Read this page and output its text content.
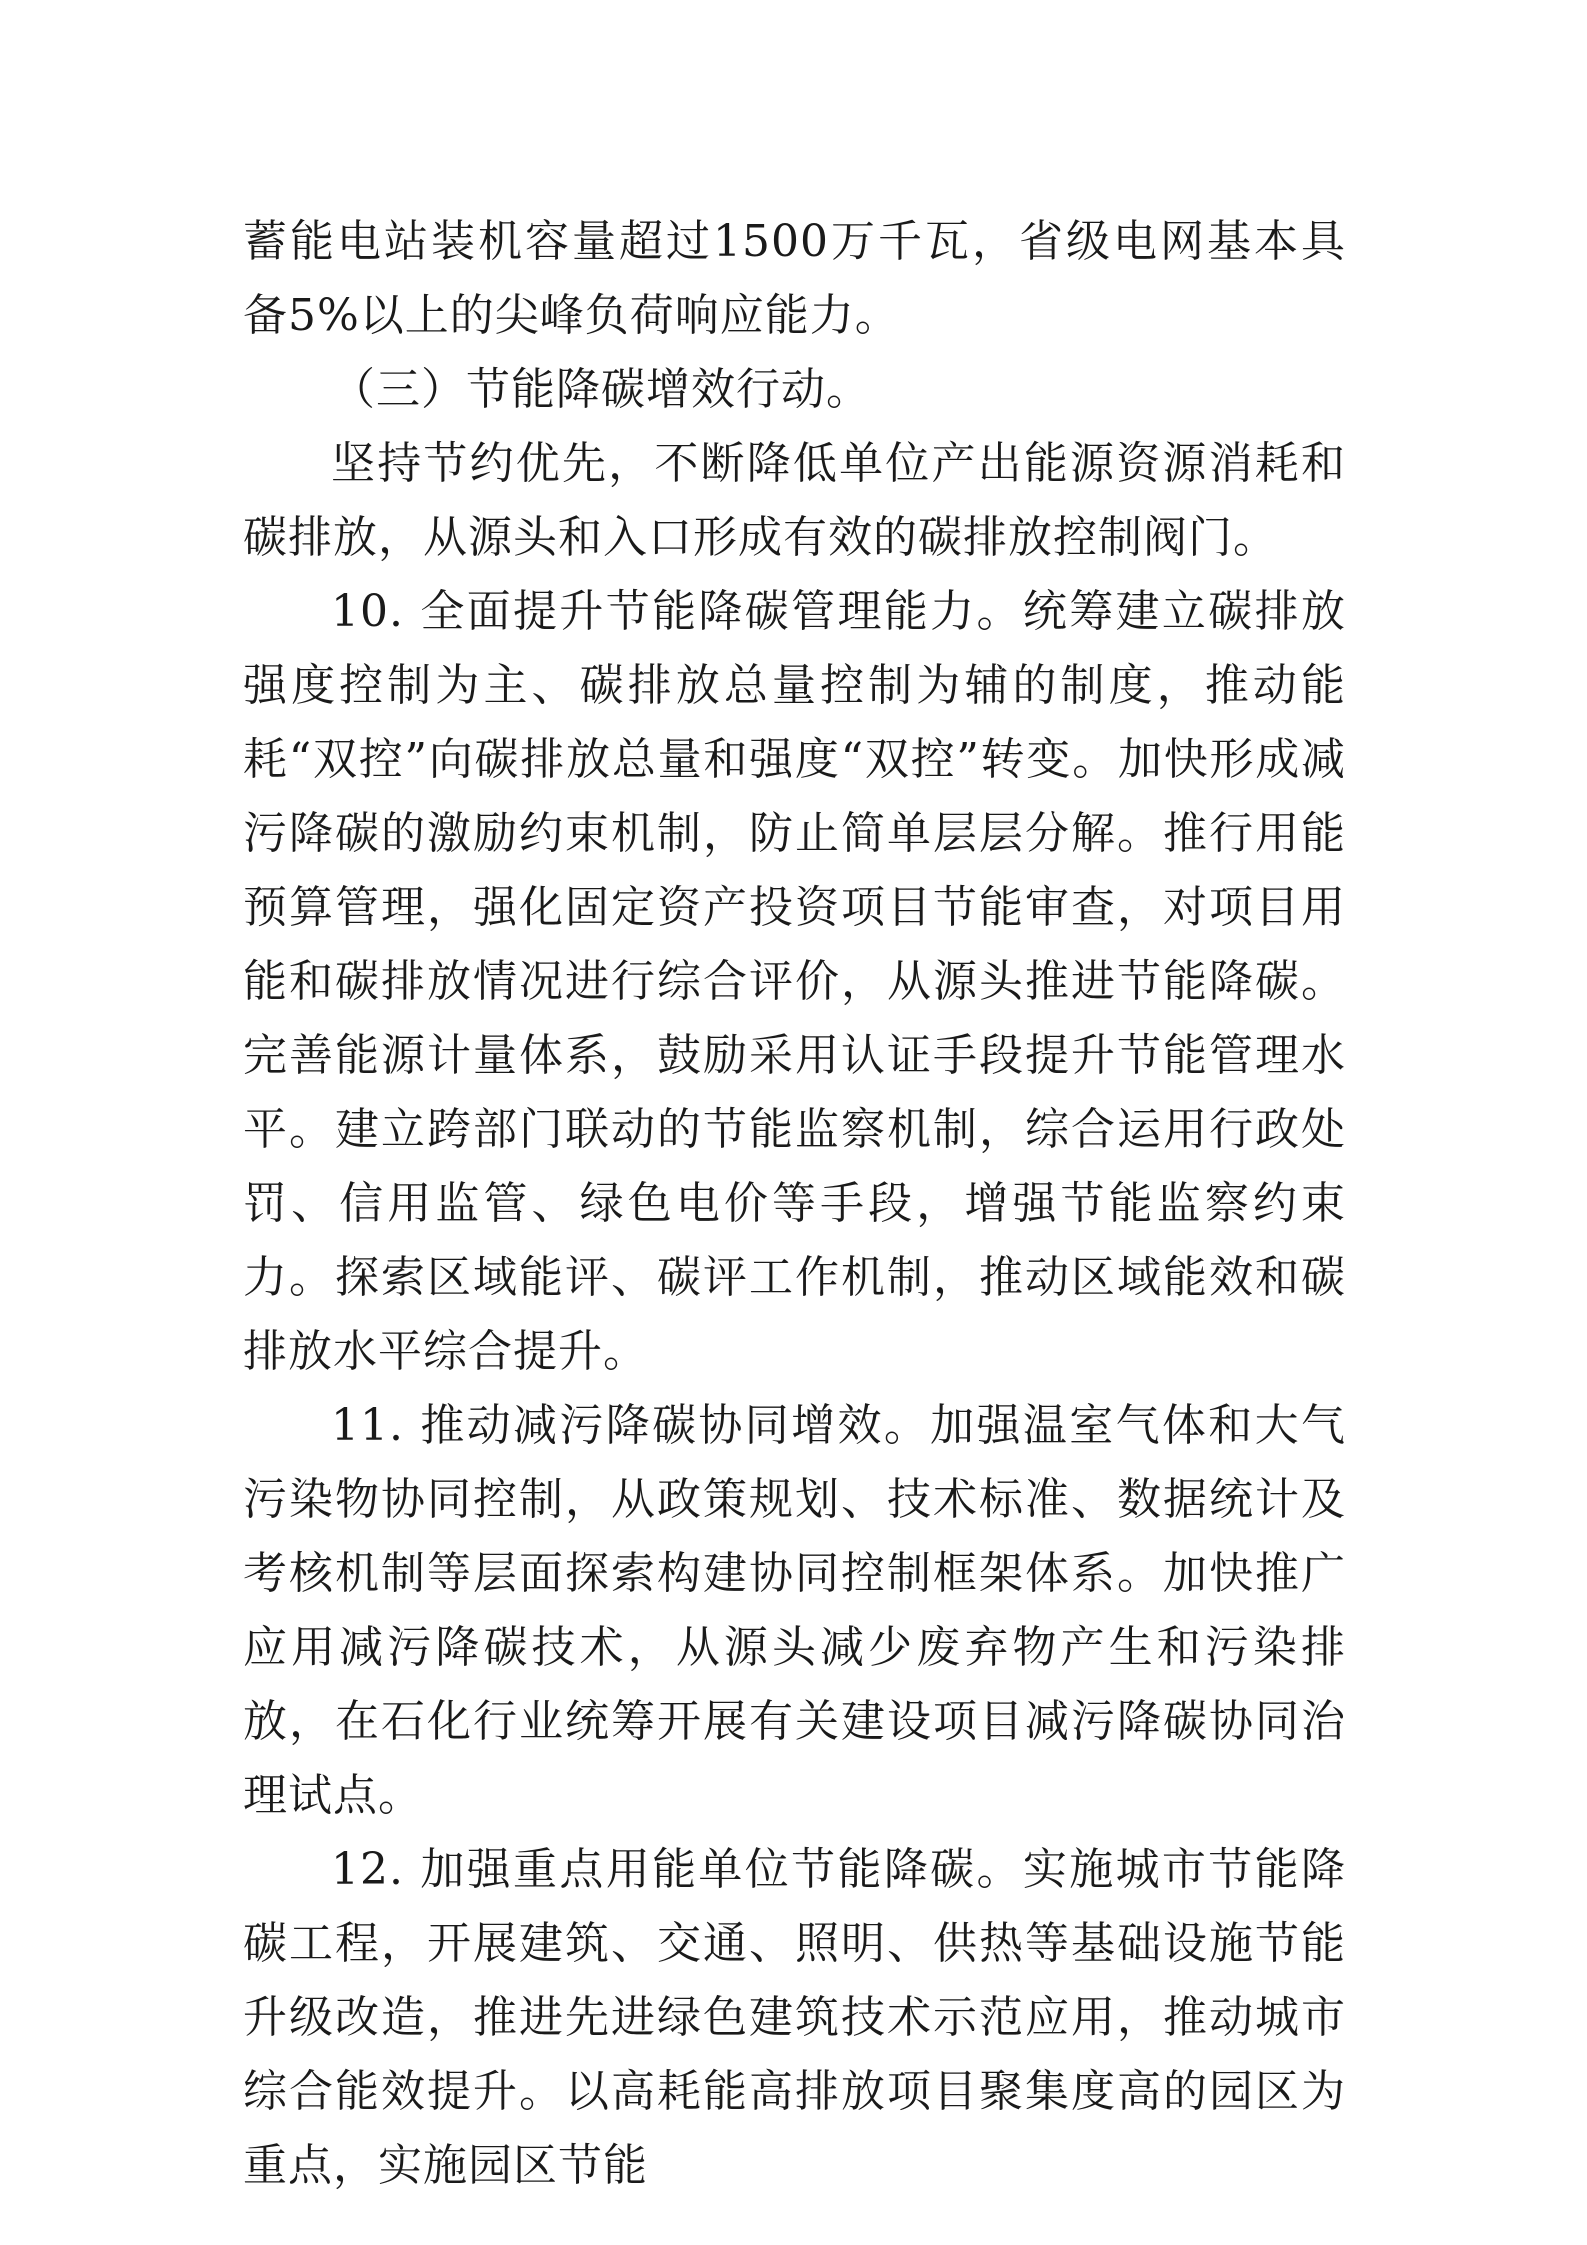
蓄能电站装机容量超过1500万千瓦，省级电网基本具备5%以上的尖峰负荷响应能力。

（三）节能降碳增效行动。

坚持节约优先，不断降低单位产出能源资源消耗和碳排放，从源头和入口形成有效的碳排放控制阀门。

10. 全面提升节能降碳管理能力。统筹建立碳排放强度控制为主、碳排放总量控制为辅的制度，推动能耗“双控”向碳排放总量和强度“双控”转变。加快形成减污降碳的激励约束机制，防止简单层层分解。推行用能预算管理，强化固定资产投资项目节能审查，对项目用能和碳排放情况进行综合评价，从源头推进节能降碳。完善能源计量体系，鼓励采用认证手段提升节能管理水平。建立跨部门联动的节能监察机制，综合运用行政处罚、信用监管、绿色电价等手段，增强节能监察约束力。探索区域能评、碳评工作机制，推动区域能效和碳排放水平综合提升。

11. 推动减污降碳协同增效。加强温室气体和大气污染物协同控制，从政策规划、技术标准、数据统计及考核机制等层面探索构建协同控制框架体系。加快推广应用减污降碳技术，从源头减少废弃物产生和污染排放，在石化行业统筹开展有关建设项目减污降碳协同治理试点。

12. 加强重点用能单位节能降碳。实施城市节能降碳工程，开展建筑、交通、照明、供热等基础设施节能升级改造，推进先进绿色建筑技术示范应用，推动城市综合能效提升。以高耗能高排放项目聚集度高的园区为重点，实施园区节能
